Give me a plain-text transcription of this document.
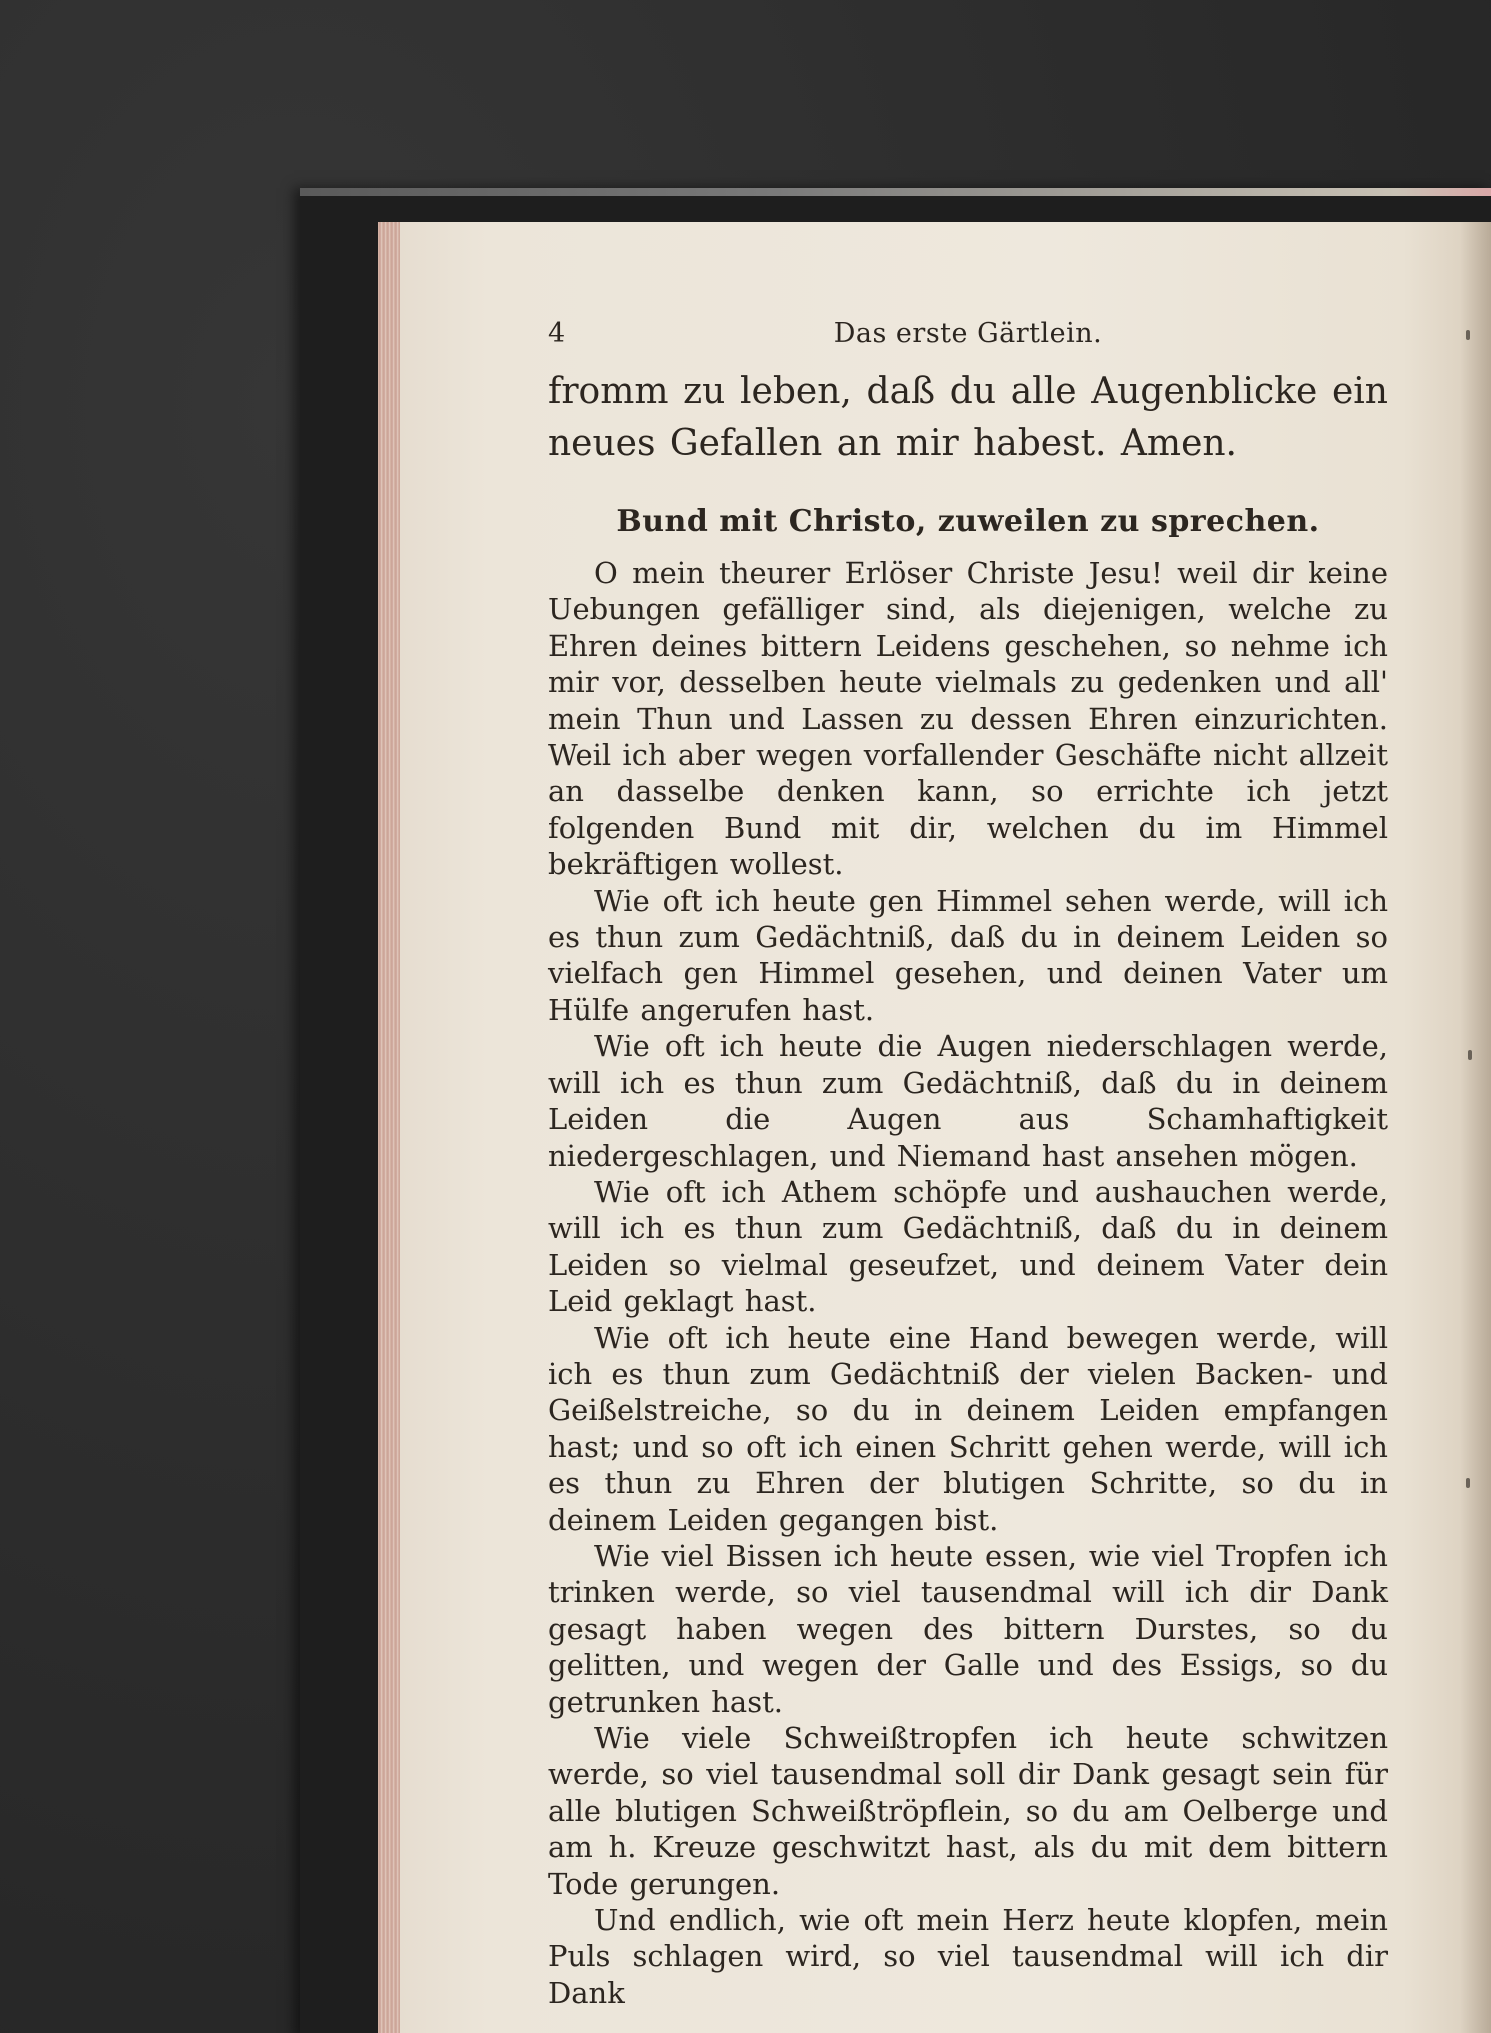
4	Das erste Gärtlein.

fromm zu leben, daß du alle Augenblicke ein neues Gefallen an mir habest. Amen.

Bund mit Christo, zuweilen zu sprechen.

O mein theurer Erlöser Christe Jesu! weil dir keine Uebungen gefälliger sind, als diejenigen, welche zu Ehren deines bittern Leidens geschehen, so nehme ich mir vor, desselben heute vielmals zu gedenken und all' mein Thun und Lassen zu dessen Ehren einzurichten. Weil ich aber wegen vorfallender Geschäfte nicht allzeit an dasselbe denken kann, so errichte ich jetzt folgenden Bund mit dir, welchen du im Himmel bekräftigen wollest.

Wie oft ich heute gen Himmel sehen werde, will ich es thun zum Gedächtniß, daß du in deinem Leiden so vielfach gen Himmel gesehen, und deinen Vater um Hülfe angerufen hast.

Wie oft ich heute die Augen niederschlagen werde, will ich es thun zum Gedächtniß, daß du in deinem Leiden die Augen aus Schamhaftigkeit niedergeschlagen, und Niemand hast ansehen mögen.

Wie oft ich Athem schöpfe und aushauchen werde, will ich es thun zum Gedächtniß, daß du in deinem Leiden so vielmal geseufzet, und deinem Vater dein Leid geklagt hast.

Wie oft ich heute eine Hand bewegen werde, will ich es thun zum Gedächtniß der vielen Backen- und Geißelstreiche, so du in deinem Leiden empfangen hast; und so oft ich einen Schritt gehen werde, will ich es thun zu Ehren der blutigen Schritte, so du in deinem Leiden gegangen bist.

Wie viel Bissen ich heute essen, wie viel Tropfen ich trinken werde, so viel tausendmal will ich dir Dank gesagt haben wegen des bittern Durstes, so du gelitten, und wegen der Galle und des Essigs, so du getrunken hast.

Wie viele Schweißtropfen ich heute schwitzen werde, so viel tausendmal soll dir Dank gesagt sein für alle blutigen Schweißtröpflein, so du am Oelberge und am h. Kreuze geschwitzt hast, als du mit dem bittern Tode gerungen.

Und endlich, wie oft mein Herz heute klopfen, mein Puls schlagen wird, so viel tausendmal will ich dir Dank
